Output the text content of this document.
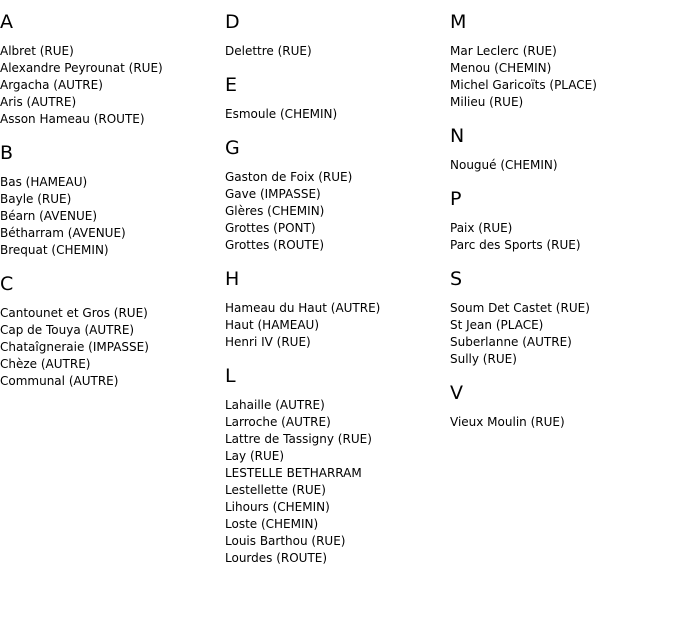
A
Albret (RUE)
Alexandre Peyrounat (RUE)
Argacha (AUTRE)
Aris (AUTRE)
Asson Hameau (ROUTE)
B
Bas (HAMEAU)
Bayle (RUE)
Béarn (AVENUE)
Bétharram (AVENUE)
Brequat (CHEMIN)
C
Cantounet et Gros (RUE)
Cap de Touya (AUTRE)
Chataîgneraie (IMPASSE)
Chèze (AUTRE)
Communal (AUTRE)
D
Delettre (RUE)
E
Esmoule (CHEMIN)
G
Gaston de Foix (RUE)
Gave (IMPASSE)
Glères (CHEMIN)
Grottes (PONT)
Grottes (ROUTE)
H
Hameau du Haut (AUTRE)
Haut (HAMEAU)
Henri IV (RUE)
L
Lahaille (AUTRE)
Larroche (AUTRE)
Lattre de Tassigny (RUE)
Lay (RUE)
LESTELLE BETHARRAM
Lestellette (RUE)
Lihours (CHEMIN)
Loste (CHEMIN)
Louis Barthou (RUE)
Lourdes (ROUTE)
M
Mar Leclerc (RUE)
Menou (CHEMIN)
Michel Garicoïts (PLACE)
Milieu (RUE)
N
Nougué (CHEMIN)
P
Paix (RUE)
Parc des Sports (RUE)
S
Soum Det Castet (RUE)
St Jean (PLACE)
Suberlanne (AUTRE)
Sully (RUE)
V
Vieux Moulin (RUE)
